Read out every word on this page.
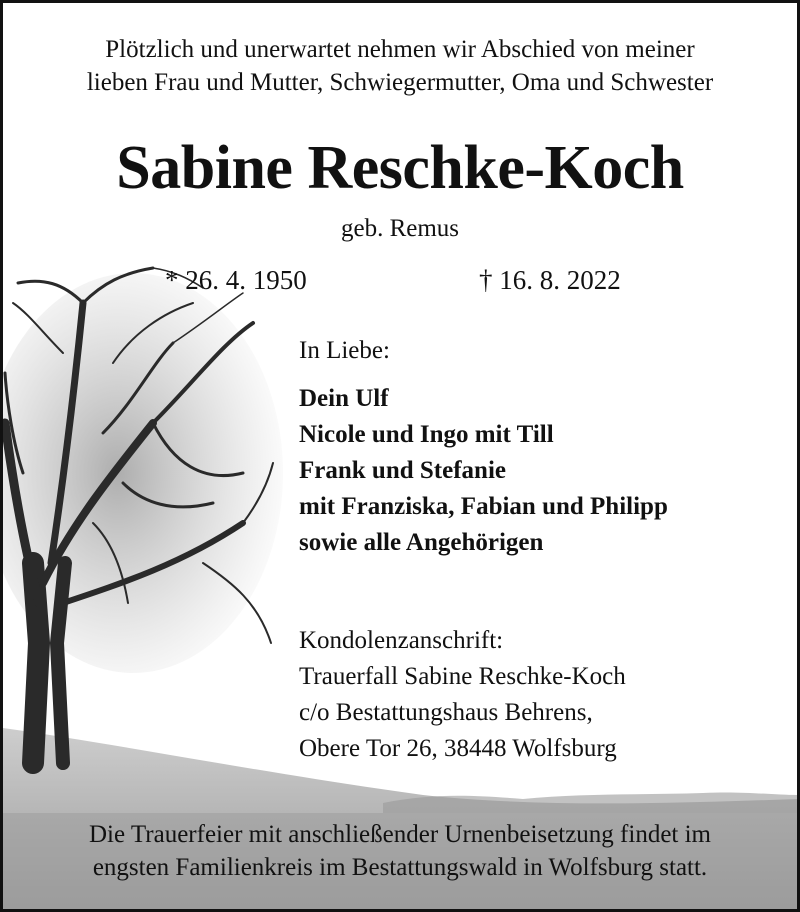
Plötzlich und unerwartet nehmen wir Abschied von meiner
lieben Frau und Mutter, Schwiegermutter, Oma und Schwester
Sabine Reschke-Koch
geb. Remus
* 26. 4. 1950	† 16. 8. 2022
In Liebe:
Dein Ulf
Nicole und Ingo mit Till
Frank und Stefanie
mit Franziska, Fabian und Philipp
sowie alle Angehörigen
Kondolenzanschrift:
Trauerfall Sabine Reschke-Koch
c/o Bestattungshaus Behrens,
Obere Tor 26, 38448 Wolfsburg
Die Trauerfeier mit anschließender Urnenbeisetzung findet im
engsten Familienkreis im Bestattungswald in Wolfsburg statt.
